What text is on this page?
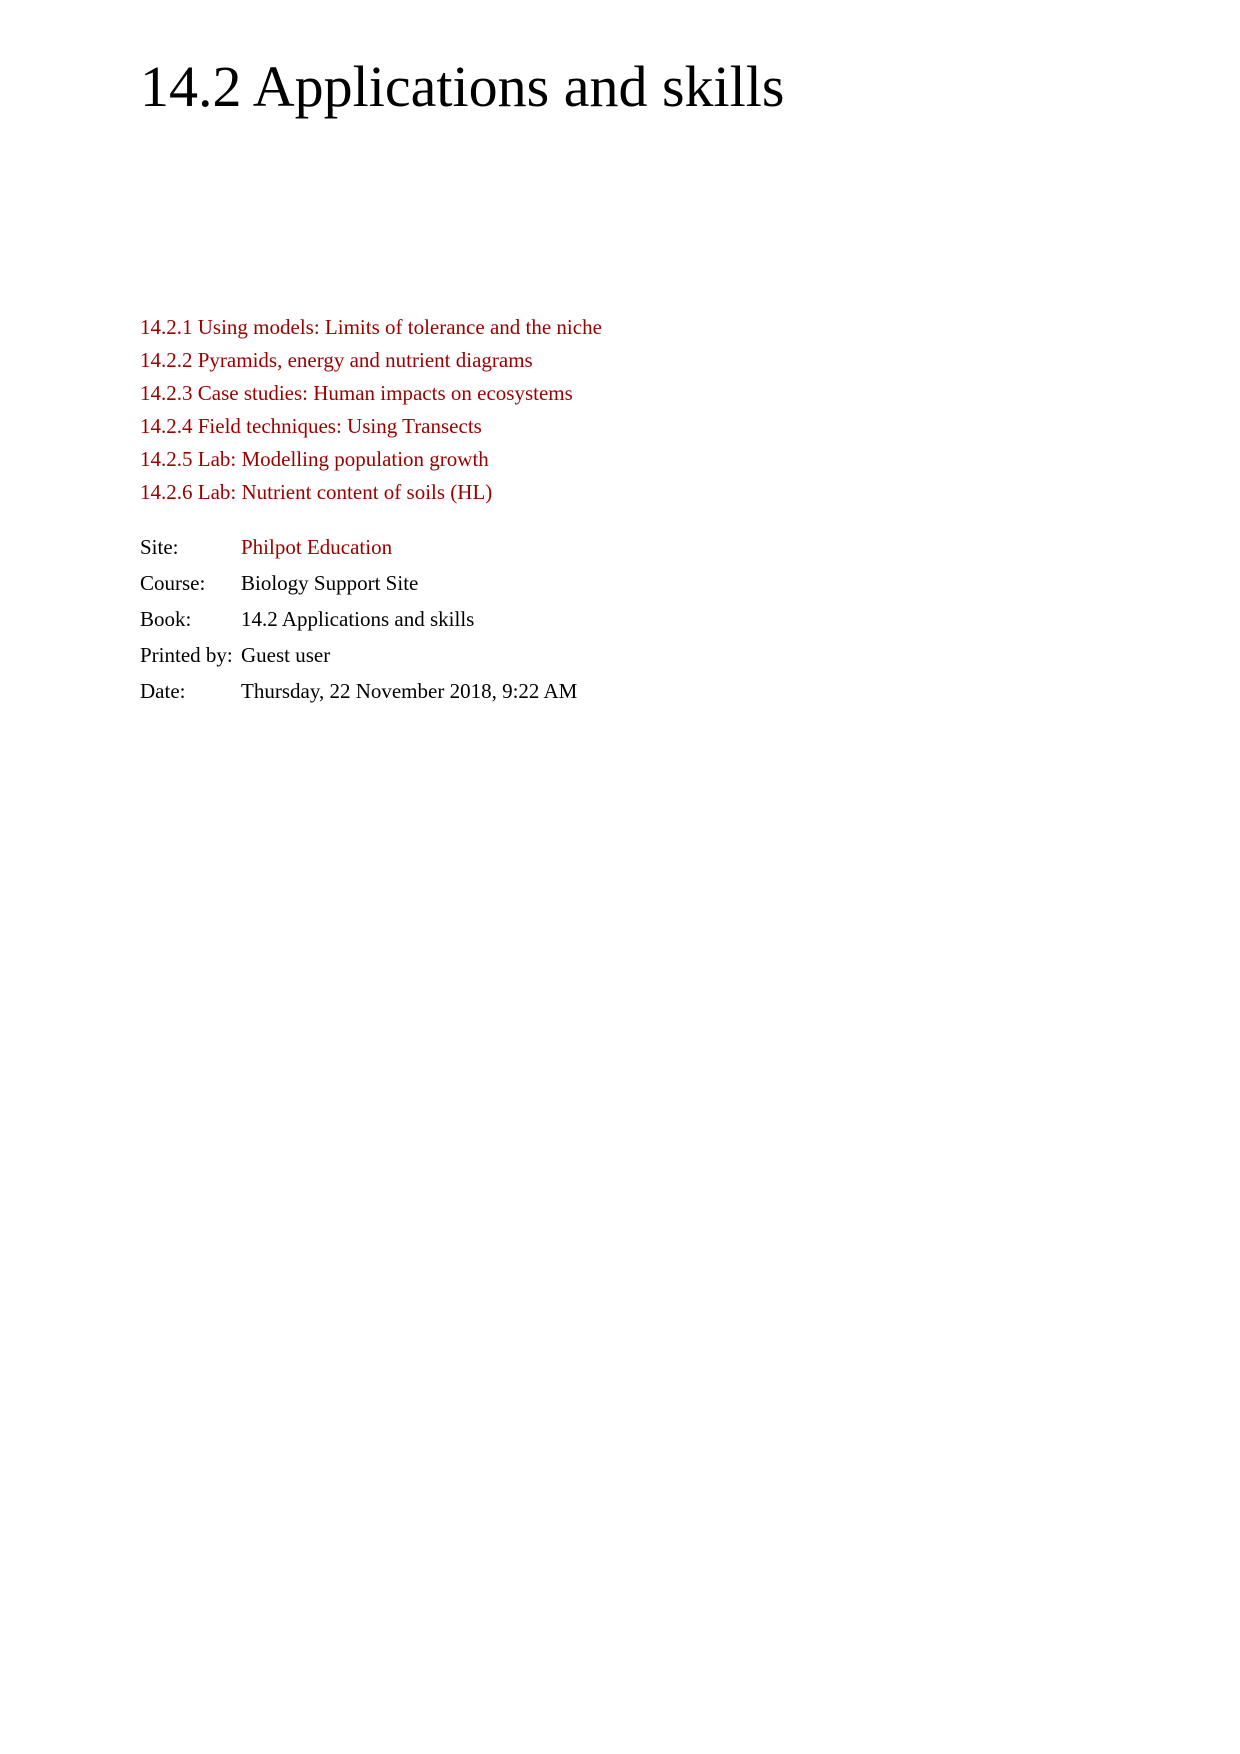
14.2 Applications and skills
14.2.1 Using models: Limits of tolerance and the niche
14.2.2 Pyramids, energy and nutrient diagrams
14.2.3 Case studies: Human impacts on ecosystems
14.2.4 Field techniques: Using Transects
14.2.5 Lab: Modelling population growth
14.2.6 Lab: Nutrient content of soils (HL)
Site:	Philpot Education
Course:	Biology Support Site
Book:	14.2 Applications and skills
Printed by:	Guest user
Date:	Thursday, 22 November 2018, 9:22 AM
